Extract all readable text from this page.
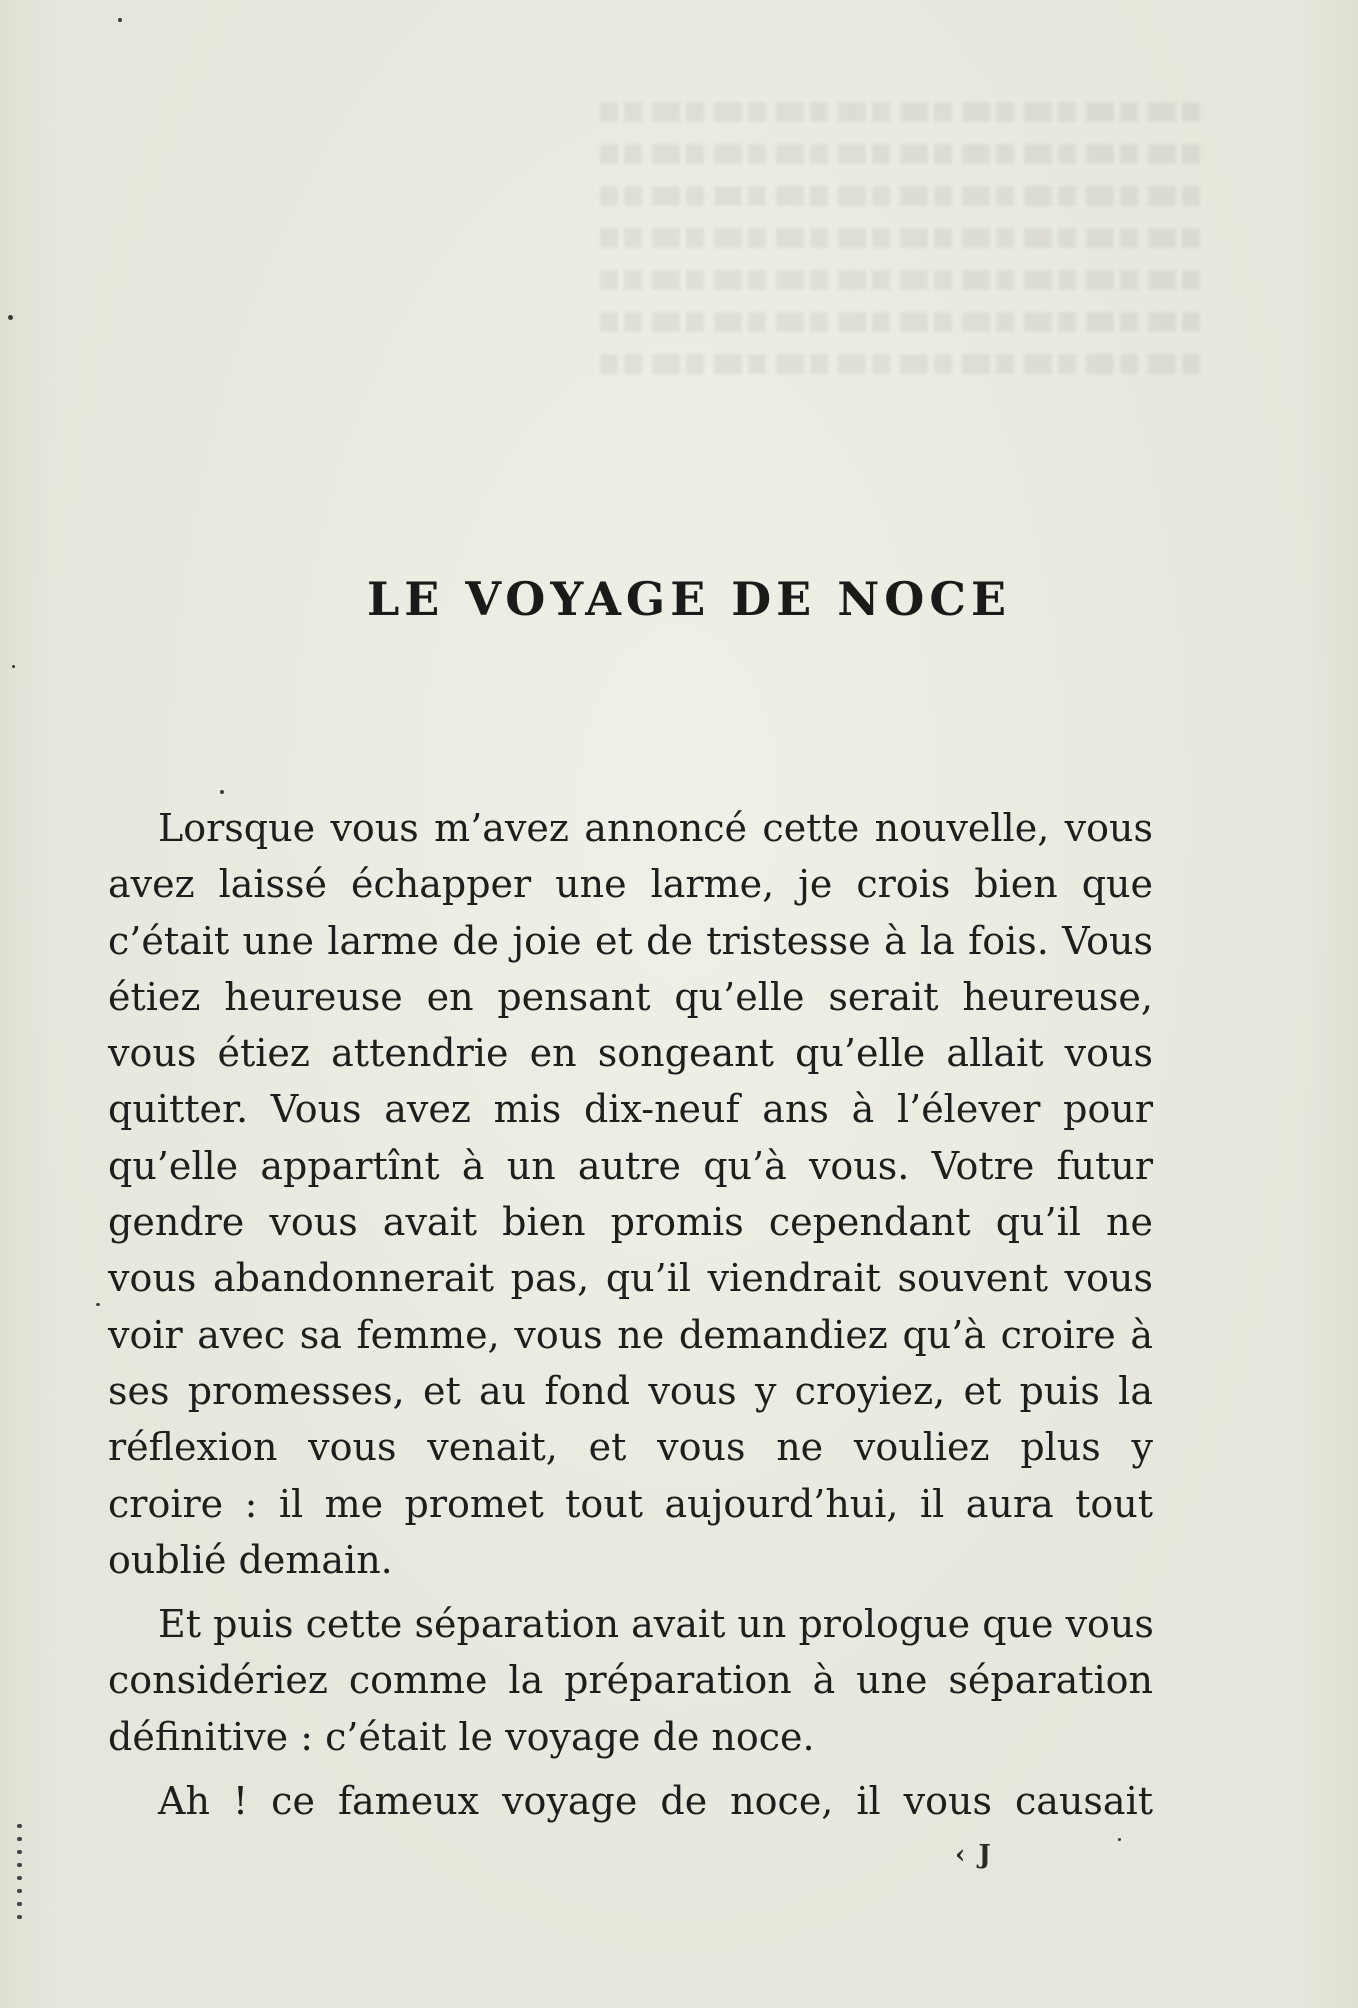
LE VOYAGE DE NOCE

Lorsque vous m’avez annoncé cette nouvelle, vous
avez laissé échapper une larme, je crois bien que
c’était une larme de joie et de tristesse à la fois. Vous
étiez heureuse en pensant qu’elle serait heureuse,
vous étiez attendrie en songeant qu’elle allait vous
quitter. Vous avez mis dix-neuf ans à l’élever pour
qu’elle appartînt à un autre qu’à vous. Votre futur
gendre vous avait bien promis cependant qu’il ne
vous abandonnerait pas, qu’il viendrait souvent vous
voir avec sa femme, vous ne demandiez qu’à croire à
ses promesses, et au fond vous y croyiez, et puis la
réflexion vous venait, et vous ne vouliez plus y
croire : il me promet tout aujourd’hui, il aura tout
oublié demain.

Et puis cette séparation avait un prologue que vous
considériez comme la préparation à une séparation
définitive : c’était le voyage de noce.

Ah ! ce fameux voyage de noce, il vous causait

‹ J
